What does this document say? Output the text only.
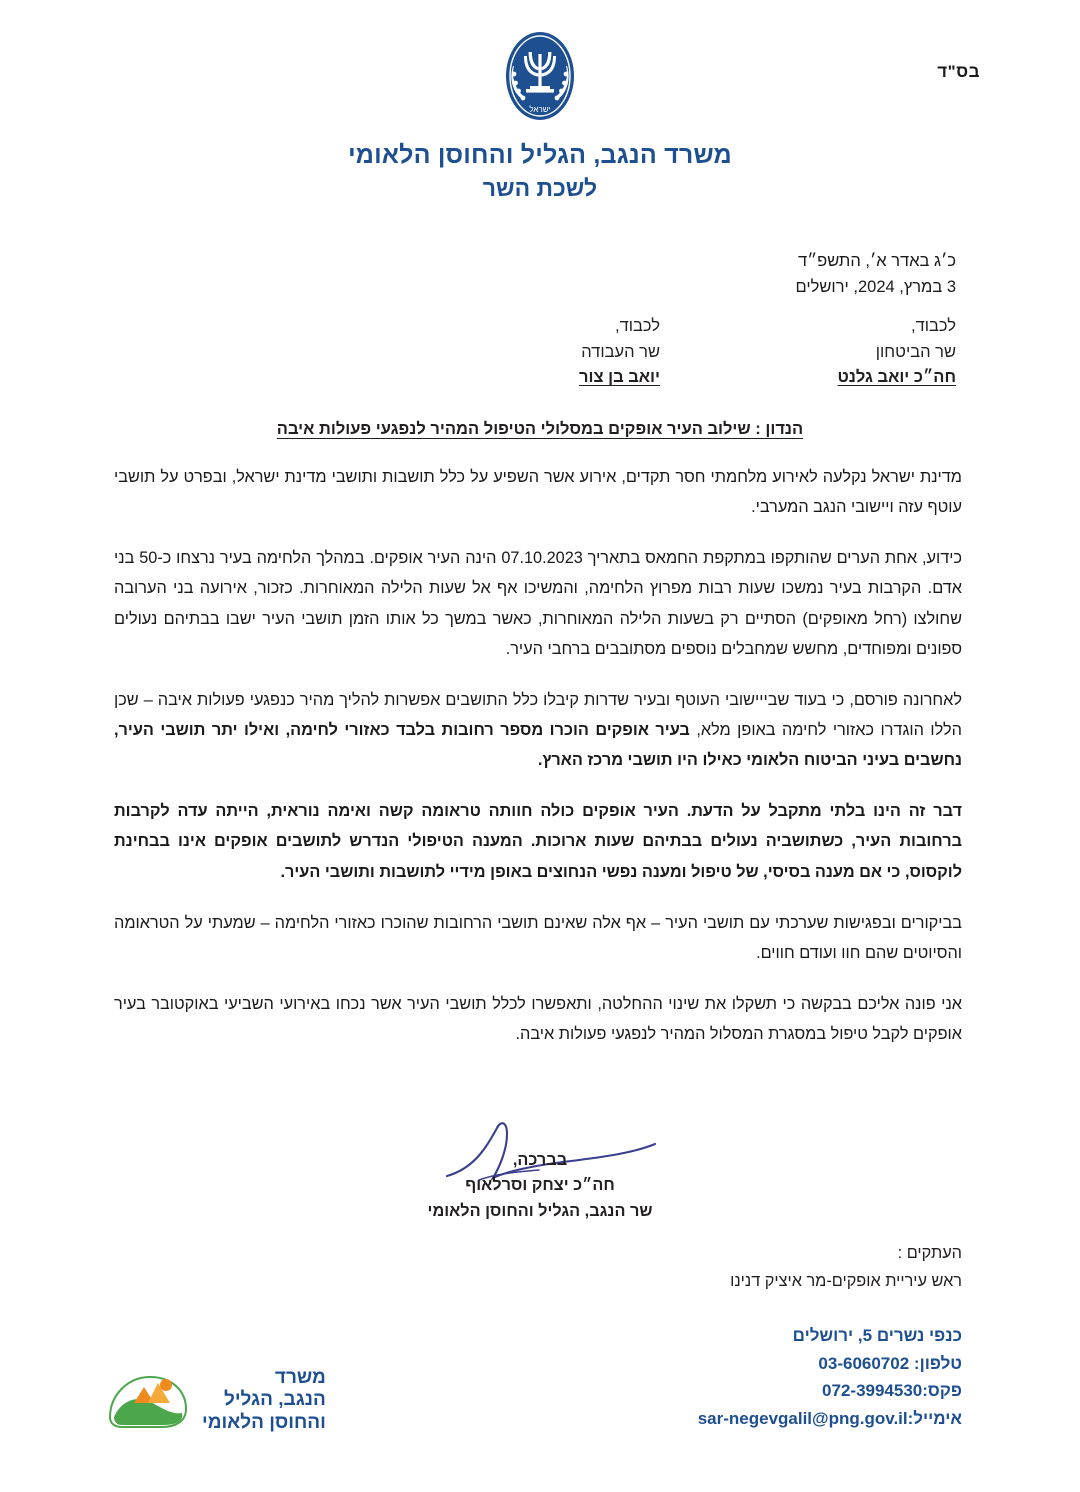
בס"ד
ישראל
משרד הנגב, הגליל והחוסן הלאומי
לשכת השר
כ׳ג באדר א׳, התשפ״ד
3 במרץ, 2024, ירושלים
לכבוד,
שר הביטחון
חה״כ יואב גלנט
לכבוד,
שר העבודה
יואב בן צור
הנדון : שילוב העיר אופקים במסלולי הטיפול המהיר לנפגעי פעולות איבה

מדינת ישראל נקלעה לאירוע מלחמתי חסר תקדים, אירוע אשר השפיע על כלל תושבות ותושבי מדינת ישראל, ובפרט על תושבי עוטף עזה ויישובי הנגב המערבי.

כידוע, אחת הערים שהותקפו במתקפת החמאס בתאריך 07.10.2023 הינה העיר אופקים. במהלך הלחימה בעיר נרצחו כ-50 בני אדם. הקרבות בעיר נמשכו שעות רבות מפרוץ הלחימה, והמשיכו אף אל שעות הלילה המאוחרות. כזכור, אירועה בני הערובה שחולצו (רחל מאופקים) הסתיים רק בשעות הלילה המאוחרות, כאשר במשך כל אותו הזמן תושבי העיר ישבו בבתיהם נעולים ספונים ומפוחדים, מחשש שמחבלים נוספים מסתובבים ברחבי העיר.

לאחרונה פורסם, כי בעוד שבייישובי העוטף ובעיר שדרות קיבלו כלל התושבים אפשרות להליך מהיר כנפגעי פעולות איבה – שכן הללו הוגדרו כאזורי לחימה באופן מלא, בעיר אופקים הוכרו מספר רחובות בלבד כאזורי לחימה, ואילו יתר תושבי העיר, נחשבים בעיני הביטוח הלאומי כאילו היו תושבי מרכז הארץ.

דבר זה הינו בלתי מתקבל על הדעת. העיר אופקים כולה חוותה טראומה קשה ואימה נוראית, הייתה עדה לקרבות ברחובות העיר, כשתושביה נעולים בבתיהם שעות ארוכות. המענה הטיפולי הנדרש לתושבים אופקים אינו בבחינת לוקסוס, כי אם מענה בסיסי, של טיפול ומענה נפשי הנחוצים באופן מידיי לתושבות ותושבי העיר.

בביקורים ובפגישות שערכתי עם תושבי העיר – אף אלה שאינם תושבי הרחובות שהוכרו כאזורי הלחימה – שמעתי על הטראומה והסיוטים שהם חוו ועודם חווים.

אני פונה אליכם בבקשה כי תשקלו את שינוי ההחלטה, ותאפשרו לכלל תושבי העיר אשר נכחו באירועי השביעי באוקטובר בעיר אופקים לקבל טיפול במסגרת המסלול המהיר לנפגעי פעולות איבה.

בברכה,
חה״כ יצחק וסרלאוף
שר הנגב, הגליל והחוסן הלאומי
העתקים :
ראש עיריית אופקים-מר איציק דנינו
כנפי נשרים 5, ירושלים
טלפון: 03-6060702
פקס:072-3994530
אימייל:sar-negevgalil@png.gov.il
משרד
הנגב, הגליל
והחוסן הלאומי
